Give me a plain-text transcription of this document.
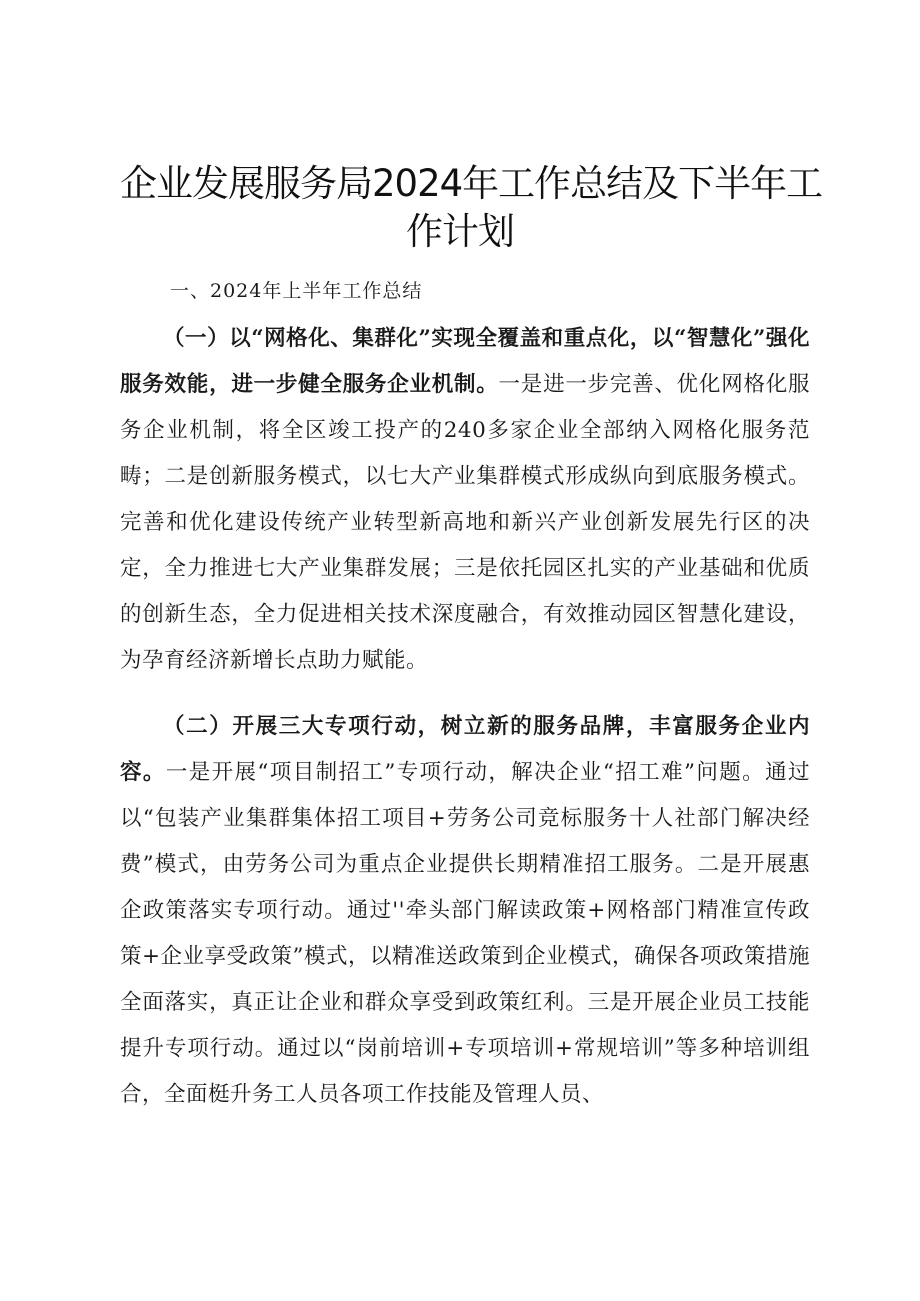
企业发展服务局2024年工作总结及下半年工
作计划
一、2024年上半年工作总结

（一）以“网格化、集群化”实现全覆盖和重点化，以“智慧化”强化服务效能，进一步健全服务企业机制。一是进一步完善、优化网格化服务企业机制，将全区竣工投产的240多家企业全部纳入网格化服务范畴；二是创新服务模式，以七大产业集群模式形成纵向到底服务模式。完善和优化建设传统产业转型新高地和新兴产业创新发展先行区的决定，全力推进七大产业集群发展；三是依托园区扎实的产业基础和优质的创新生态，全力促进相关技术深度融合，有效推动园区智慧化建设，为孕育经济新增长点助力赋能。

（二）开展三大专项行动，树立新的服务品牌，丰富服务企业内容。一是开展“项目制招工”专项行动，解决企业“招工难”问题。通过以“包装产业集群集体招工项目+劳务公司竞标服务十人社部门解决经费”模式，由劳务公司为重点企业提供长期精准招工服务。二是开展惠企政策落实专项行动。通过''牵头部门解读政策+网格部门精准宣传政策+企业享受政策”模式，以精准送政策到企业模式，确保各项政策措施全面落实，真正让企业和群众享受到政策红利。三是开展企业员工技能提升专项行动。通过以“岗前培训+专项培训+常规培训”等多种培训组合，全面梃升务工人员各项工作技能及管理人员、
